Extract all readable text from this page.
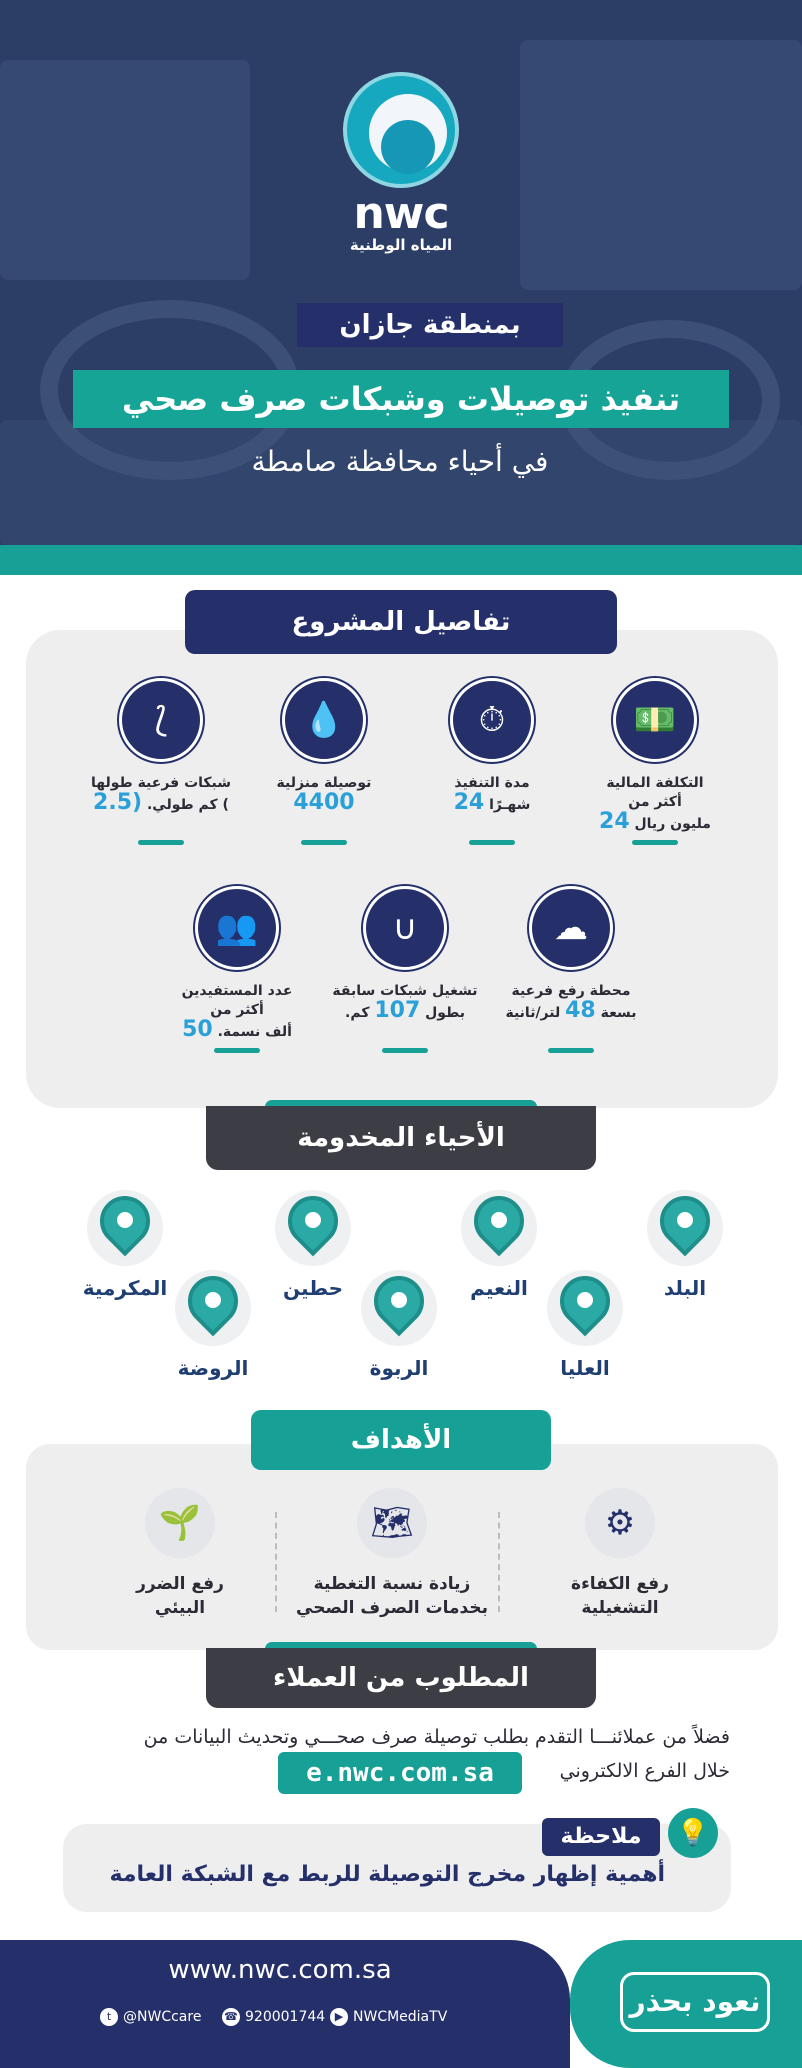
nwc
المياه الوطنية
بمنطقة جازان
تنفيذ توصيلات وشبكات صرف صحي
في أحياء محافظة صامطة
تفاصيل المشروع
💵
التكلفة المالية
أكثر من
مليون ريال 24
⏱
مدة التنفيذ
شهـرًا 24
💧
توصيلة منزلية 4400
⟆
شبكات فرعية طولها
) كم طولي. (2.5
☁
محطة رفع فرعية
بسعة 48 لتر/ثانية
∪
تشغيل شبكات سابقة
بطول 107 كم.
👥
عدد المستفيدين
أكثر من
ألف نسمة. 50
الأحياء المخدومة
البلد
النعيم
حطين
المكرمية
العليا
الربوة
الروضة
الأهداف
⚙
رفع الكفاءة
التشغيلية
🗺
زيادة نسبة التغطية
بخدمات الصرف الصحي
🌱
رفع الضرر
البيئي
المطلوب من العملاء
فضلاً من عملائنـــا التقدم بطلب توصيلة صرف صحـــي وتحديث البيانات من
خلال الفرع الالكتروني
e.nwc.com.sa
ملاحظة	💡
أهمية إظهار مخرج التوصيلة للربط مع الشبكة العامة
www.nwc.com.sa
t @NWCcare ☎ 920001744 ▶ NWCMediaTV	نعود بحذر
